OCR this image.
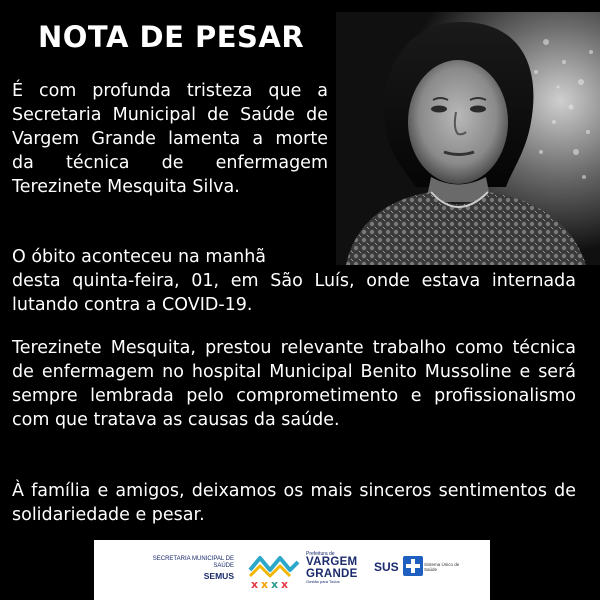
NOTA DE PESAR
É com profunda tristeza que a Secretaria Municipal de Saúde de Vargem Grande lamenta a morte da técnica de enfermagem Terezinete Mesquita Silva.
O óbito aconteceu na manhã
desta quinta-feira, 01, em São Luís, onde estava internada lutando contra a COVID-19.
Terezinete Mesquita, prestou relevante trabalho como técnica de enfermagem no hospital Municipal Benito Mussoline e será sempre lembrada pelo comprometimento e profissionalismo com que tratava as causas da saúde.
À família e amigos, deixamos os mais sinceros sentimentos de solidariedade e pesar.
SECRETARIA MUNICIPAL DE SAÚDE
SEMUS
x x x x
Prefeitura de
VARGEM
GRANDE
Gestão para Todos
SUS	Sistema Único de Saúde
